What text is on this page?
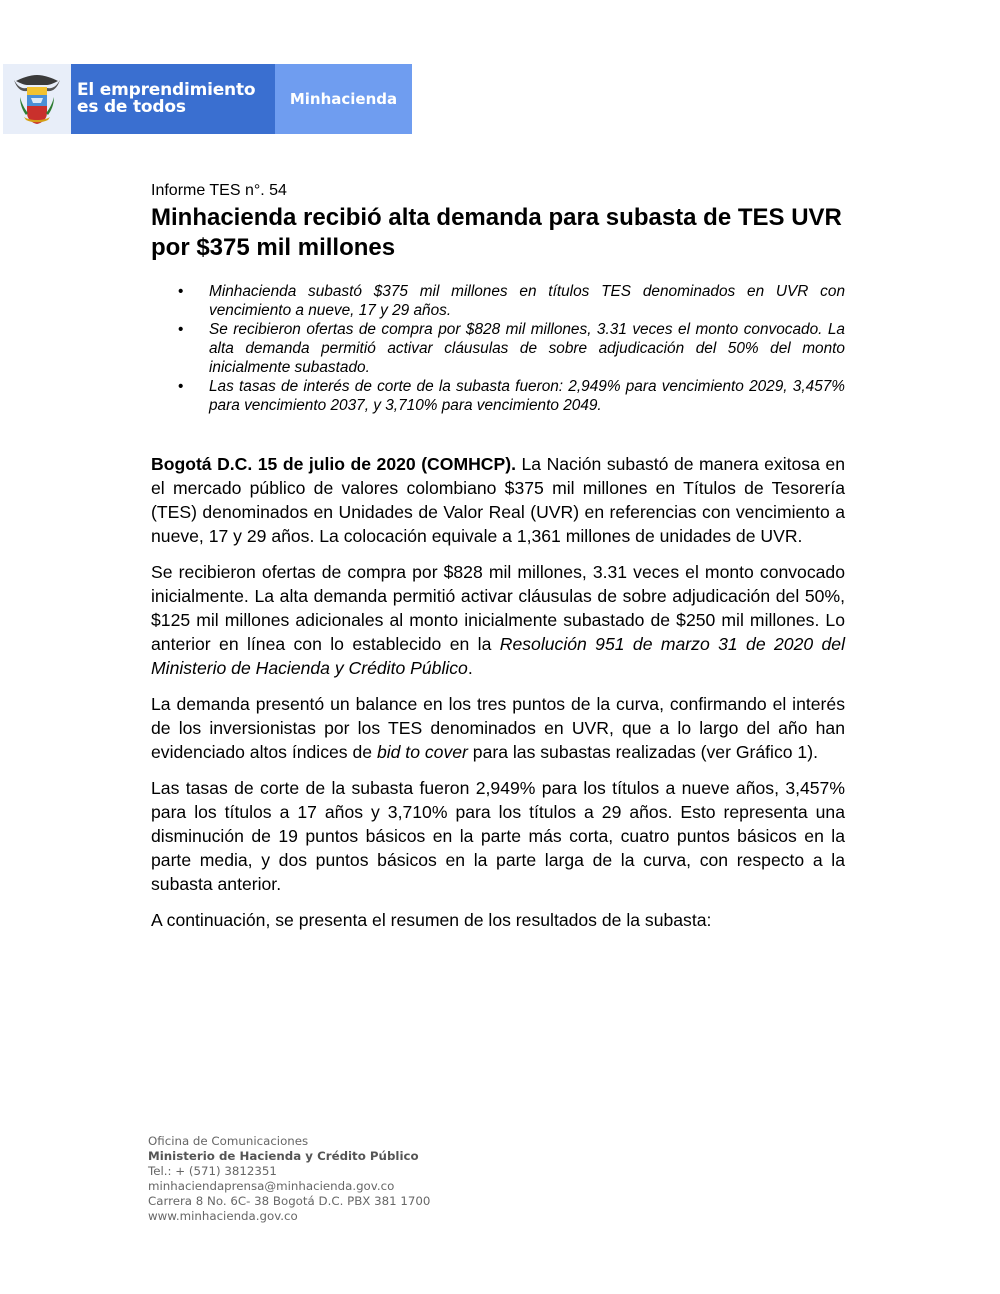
El emprendimiento
es de todos	Minhacienda
Informe TES n°. 54
Minhacienda recibió alta demanda para subasta de TES UVR por $375 mil millones
• Minhacienda subastó $375 mil millones en títulos TES denominados en UVR con vencimiento a nueve, 17 y 29 años.
• Se recibieron ofertas de compra por $828 mil millones, 3.31 veces el monto convocado. La alta demanda permitió activar cláusulas de sobre adjudicación del 50% del monto inicialmente subastado.
• Las tasas de interés de corte de la subasta fueron: 2,949% para vencimiento 2029, 3,457% para vencimiento 2037, y 3,710% para vencimiento 2049.

Bogotá D.C. 15 de julio de 2020 (COMHCP). La Nación subastó de manera exitosa en el mercado público de valores colombiano $375 mil millones en Títulos de Tesorería (TES) denominados en Unidades de Valor Real (UVR) en referencias con vencimiento a nueve, 17 y 29 años. La colocación equivale a 1,361 millones de unidades de UVR.

Se recibieron ofertas de compra por $828 mil millones, 3.31 veces el monto convocado inicialmente. La alta demanda permitió activar cláusulas de sobre adjudicación del 50%, $125 mil millones adicionales al monto inicialmente subastado de $250 mil millones. Lo anterior en línea con lo establecido en la Resolución 951 de marzo 31 de 2020 del Ministerio de Hacienda y Crédito Público.

La demanda presentó un balance en los tres puntos de la curva, confirmando el interés de los inversionistas por los TES denominados en UVR, que a lo largo del año han evidenciado altos índices de bid to cover para las subastas realizadas (ver Gráfico 1).

Las tasas de corte de la subasta fueron 2,949% para los títulos a nueve años, 3,457% para los títulos a 17 años y 3,710% para los títulos a 29 años. Esto representa una disminución de 19 puntos básicos en la parte más corta, cuatro puntos básicos en la parte media, y dos puntos básicos en la parte larga de la curva, con respecto a la subasta anterior.

A continuación, se presenta el resumen de los resultados de la subasta:

Oficina de Comunicaciones
Ministerio de Hacienda y Crédito Público
Tel.: + (571) 3812351
minhaciendaprensa@minhacienda.gov.co
Carrera 8 No. 6C- 38 Bogotá D.C. PBX 381 1700
www.minhacienda.gov.co
